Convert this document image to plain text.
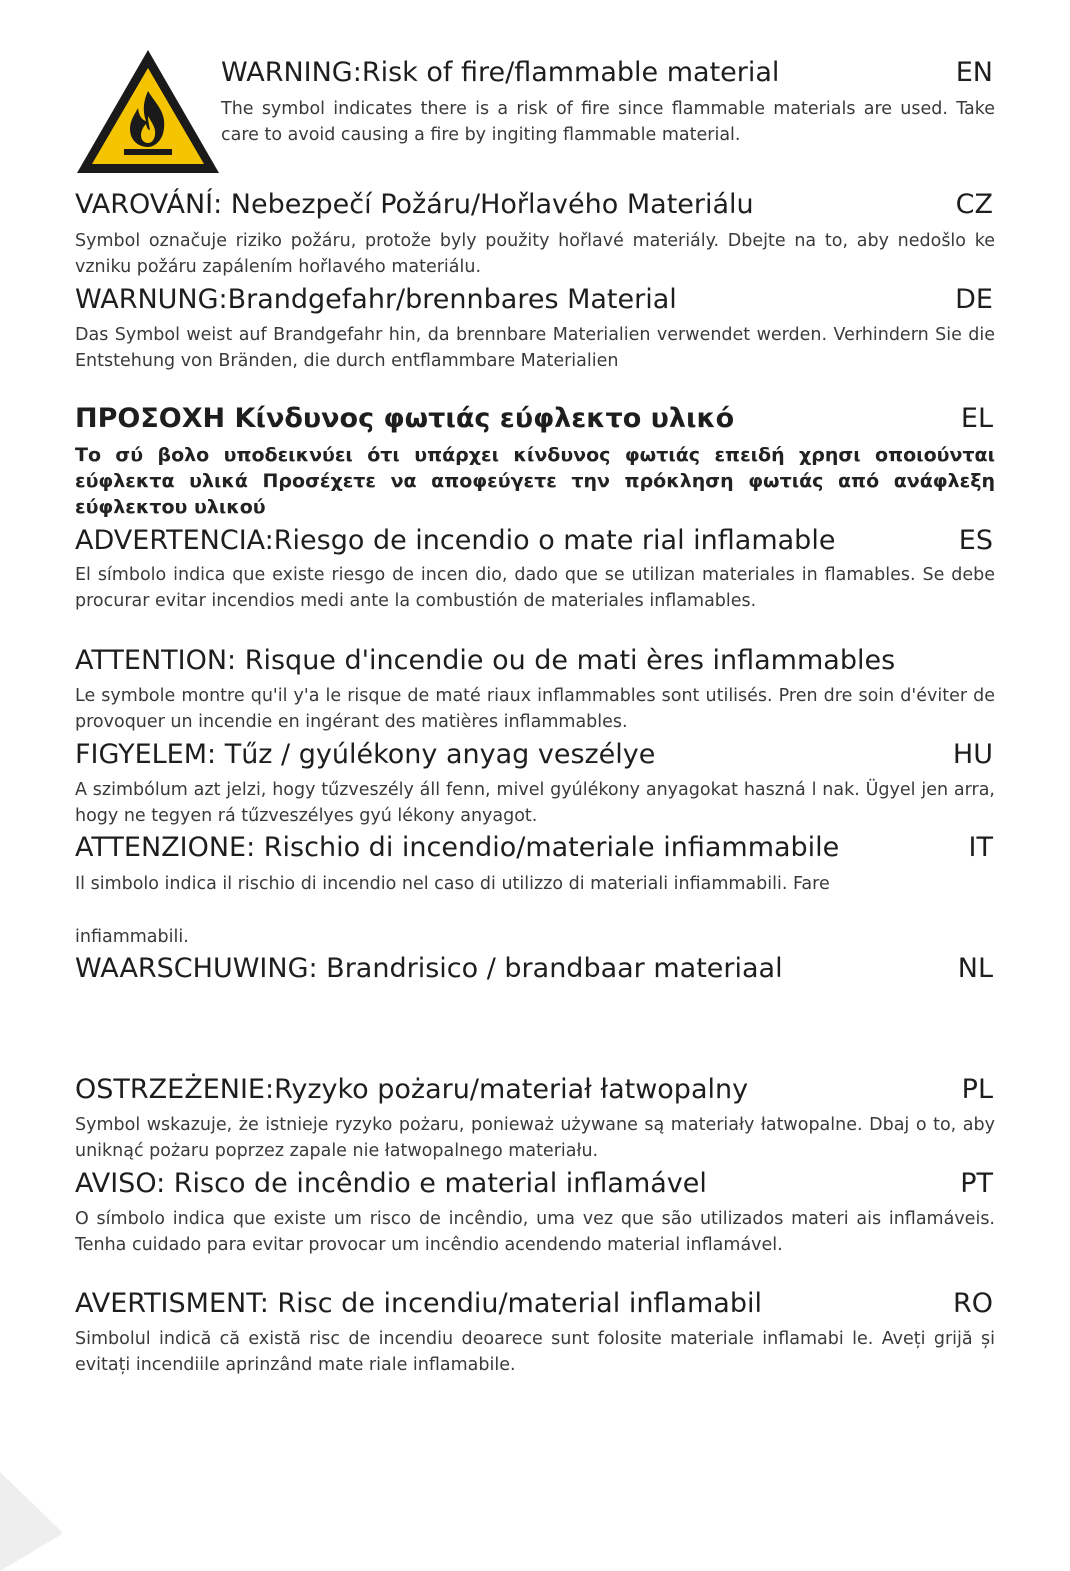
WARNING:Risk of fire/flammable material	EN
The symbol indicates there is a risk of fire since flammable materials are used. Take care to avoid causing a fire by ingiting flammable material.
VAROVÁNÍ: Nebezpečí Požáru/Hořlavého Materiálu	CZ
Symbol označuje riziko požáru, protože byly použity hořlavé materiály. Dbejte na to, aby nedošlo ke vzniku požáru zapálením hořlavého materiálu.
WARNUNG:Brandgefahr/brennbares Material	DE
Das Symbol weist auf Brandgefahr hin, da brennbare Materialien verwendet werden. Verhindern Sie die Entstehung von Bränden, die durch entflammbare Materialien
ΠΡΟΣΟΧΗ Κίνδυνος φωτιάς εύφλεκτο υλικό	EL
Το σύ βολο υποδεικνύει ότι υπάρχει κίνδυνος φωτιάς επειδή χρησι οποιούνται εύφλεκτα υλικά Προσέχετε να αποφεύγετε την πρόκληση φωτιάς από ανάφλεξη εύφλεκτου υλικού
ADVERTENCIA:Riesgo de incendio o mate rial inflamable	ES
El símbolo indica que existe riesgo de incen dio, dado que se utilizan materiales in flamables. Se debe procurar evitar incendios medi ante la combustión de materiales inflamables.
ATTENTION: Risque d'incendie ou de mati ères inflammables
Le symbole montre qu'il y'a le risque de maté riaux inflammables sont utilisés. Pren dre soin d'éviter de provoquer un incendie en ingérant des matières inflammables.
FIGYELEM: Tűz / gyúlékony anyag veszélye	HU
A szimbólum azt jelzi, hogy tűzveszély áll fenn, mivel gyúlékony anyagokat haszná l nak. Ügyel jen arra, hogy ne tegyen rá tűzveszélyes gyú lékony anyagot.
ATTENZIONE: Rischio di incendio/materiale infiammabile	IT
Il simbolo indica il rischio di incendio nel caso di utilizzo di materiali infiammabili. Fare
infiammabili.
WAARSCHUWING: Brandrisico / brandbaar materiaal	NL
OSTRZEŻENIE:Ryzyko pożaru/materiał łatwopalny	PL
Symbol wskazuje, że istnieje ryzyko pożaru, ponieważ używane są materiały łatwopalne. Dbaj o to, aby uniknąć pożaru poprzez zapale nie łatwopalnego materiału.
AVISO: Risco de incêndio e material inflamável	PT
O símbolo indica que existe um risco de incêndio, uma vez que são utilizados materi ais inflamáveis. Tenha cuidado para evitar provocar um incêndio acendendo material inflamável.
AVERTISMENT: Risc de incendiu/material inflamabil	RO
Simbolul indică că există risc de incendiu deoarece sunt folosite materiale inflamabi le. Aveți grijă și evitați incendiile aprinzând mate riale inflamabile.
